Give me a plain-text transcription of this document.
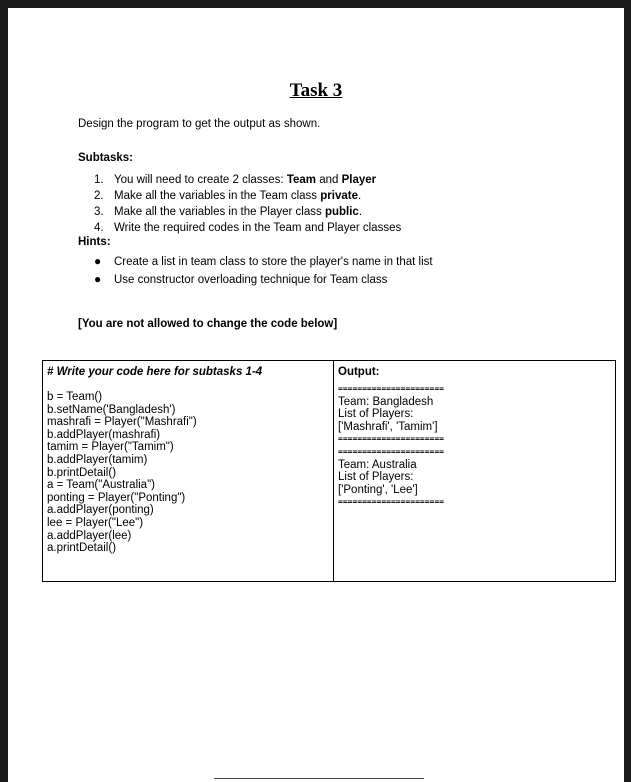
Task 3
Design the program to get the output as shown.
Subtasks:
1. You will need to create 2 classes: Team and Player
2. Make all the variables in the Team class private.
3. Make all the variables in the Player class public.
4. Write the required codes in the Team and Player classes
Hints:
● Create a list in team class to store the player's name in that list
● Use constructor overloading technique for Team class
[You are not allowed to change the code below]
# Write your code here for subtasks 1-4
b = Team()
b.setName('Bangladesh')
mashrafi = Player("Mashrafi")
b.addPlayer(mashrafi)
tamim = Player("Tamim")
b.addPlayer(tamim)
b.printDetail()
a = Team("Australia")
ponting = Player("Ponting")
a.addPlayer(ponting)
lee = Player("Lee")
a.addPlayer(lee)
a.printDetail()

Output:
======================
Team: Bangladesh
List of Players:
['Mashrafi', 'Tamim']
======================
======================
Team: Australia
List of Players:
['Ponting', 'Lee']
======================
